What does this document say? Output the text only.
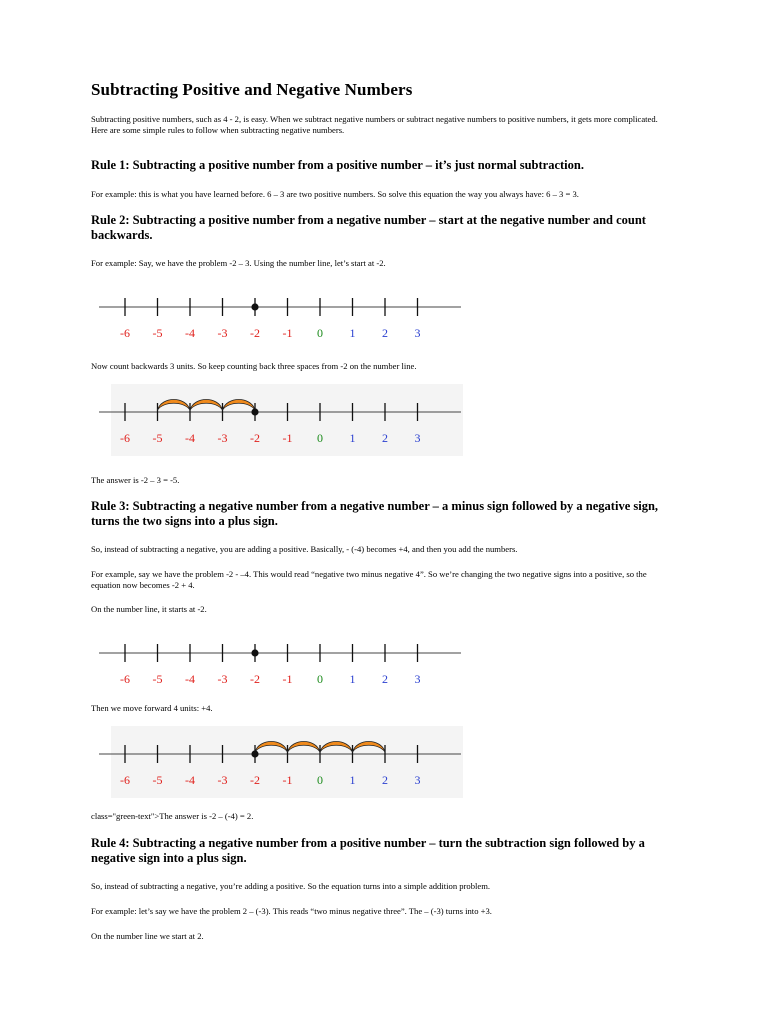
Subtracting Positive and Negative Numbers

Subtracting positive numbers, such as 4 - 2, is easy. When we subtract negative numbers or subtract negative numbers to positive numbers, it gets more complicated.
Here are some simple rules to follow when subtracting negative numbers.

Rule 1: Subtracting a positive number from a positive number – it’s just normal subtraction.

For example: this is what you have learned before. 6 – 3 are two positive numbers. So solve this equation the way you always have: 6 – 3 = 3.

Rule 2: Subtracting a positive number from a negative number – start at the negative number and count backwards.

For example: Say, we have the problem -2 – 3. Using the number line, let’s start at -2.

-6 -5 -4 -3 -2 -1 0 1 2 3

Now count backwards 3 units. So keep counting back three spaces from -2 on the number line.

-6 -5 -4 -3 -2 -1 0 1 2 3

The answer is -2 – 3 = -5.

Rule 3: Subtracting a negative number from a negative number – a minus sign followed by a negative sign, turns the two signs into a plus sign.

So, instead of subtracting a negative, you are adding a positive. Basically, - (-4) becomes +4, and then you add the numbers.

For example, say we have the problem -2 - –4. This would read “negative two minus negative 4”. So we’re changing the two negative signs into a positive, so the equation now becomes -2 + 4.

On the number line, it starts at -2.

-6 -5 -4 -3 -2 -1 0 1 2 3

Then we move forward 4 units: +4.

-6 -5 -4 -3 -2 -1 0 1 2 3

class="green-text">The answer is -2 – (-4) = 2.

Rule 4: Subtracting a negative number from a positive number – turn the subtraction sign followed by a negative sign into a plus sign.

So, instead of subtracting a negative, you’re adding a positive. So the equation turns into a simple addition problem.

For example: let’s say we have the problem 2 – (-3). This reads “two minus negative three”. The – (-3) turns into +3.

On the number line we start at 2.
